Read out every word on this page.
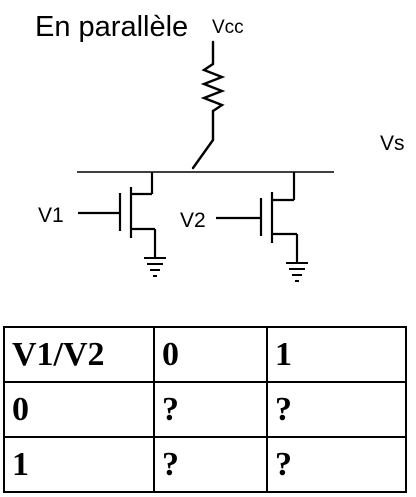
En parallèle Vcc
Vs
V1	V2
V1/V2	0	1
0	?	?
1	?	?
